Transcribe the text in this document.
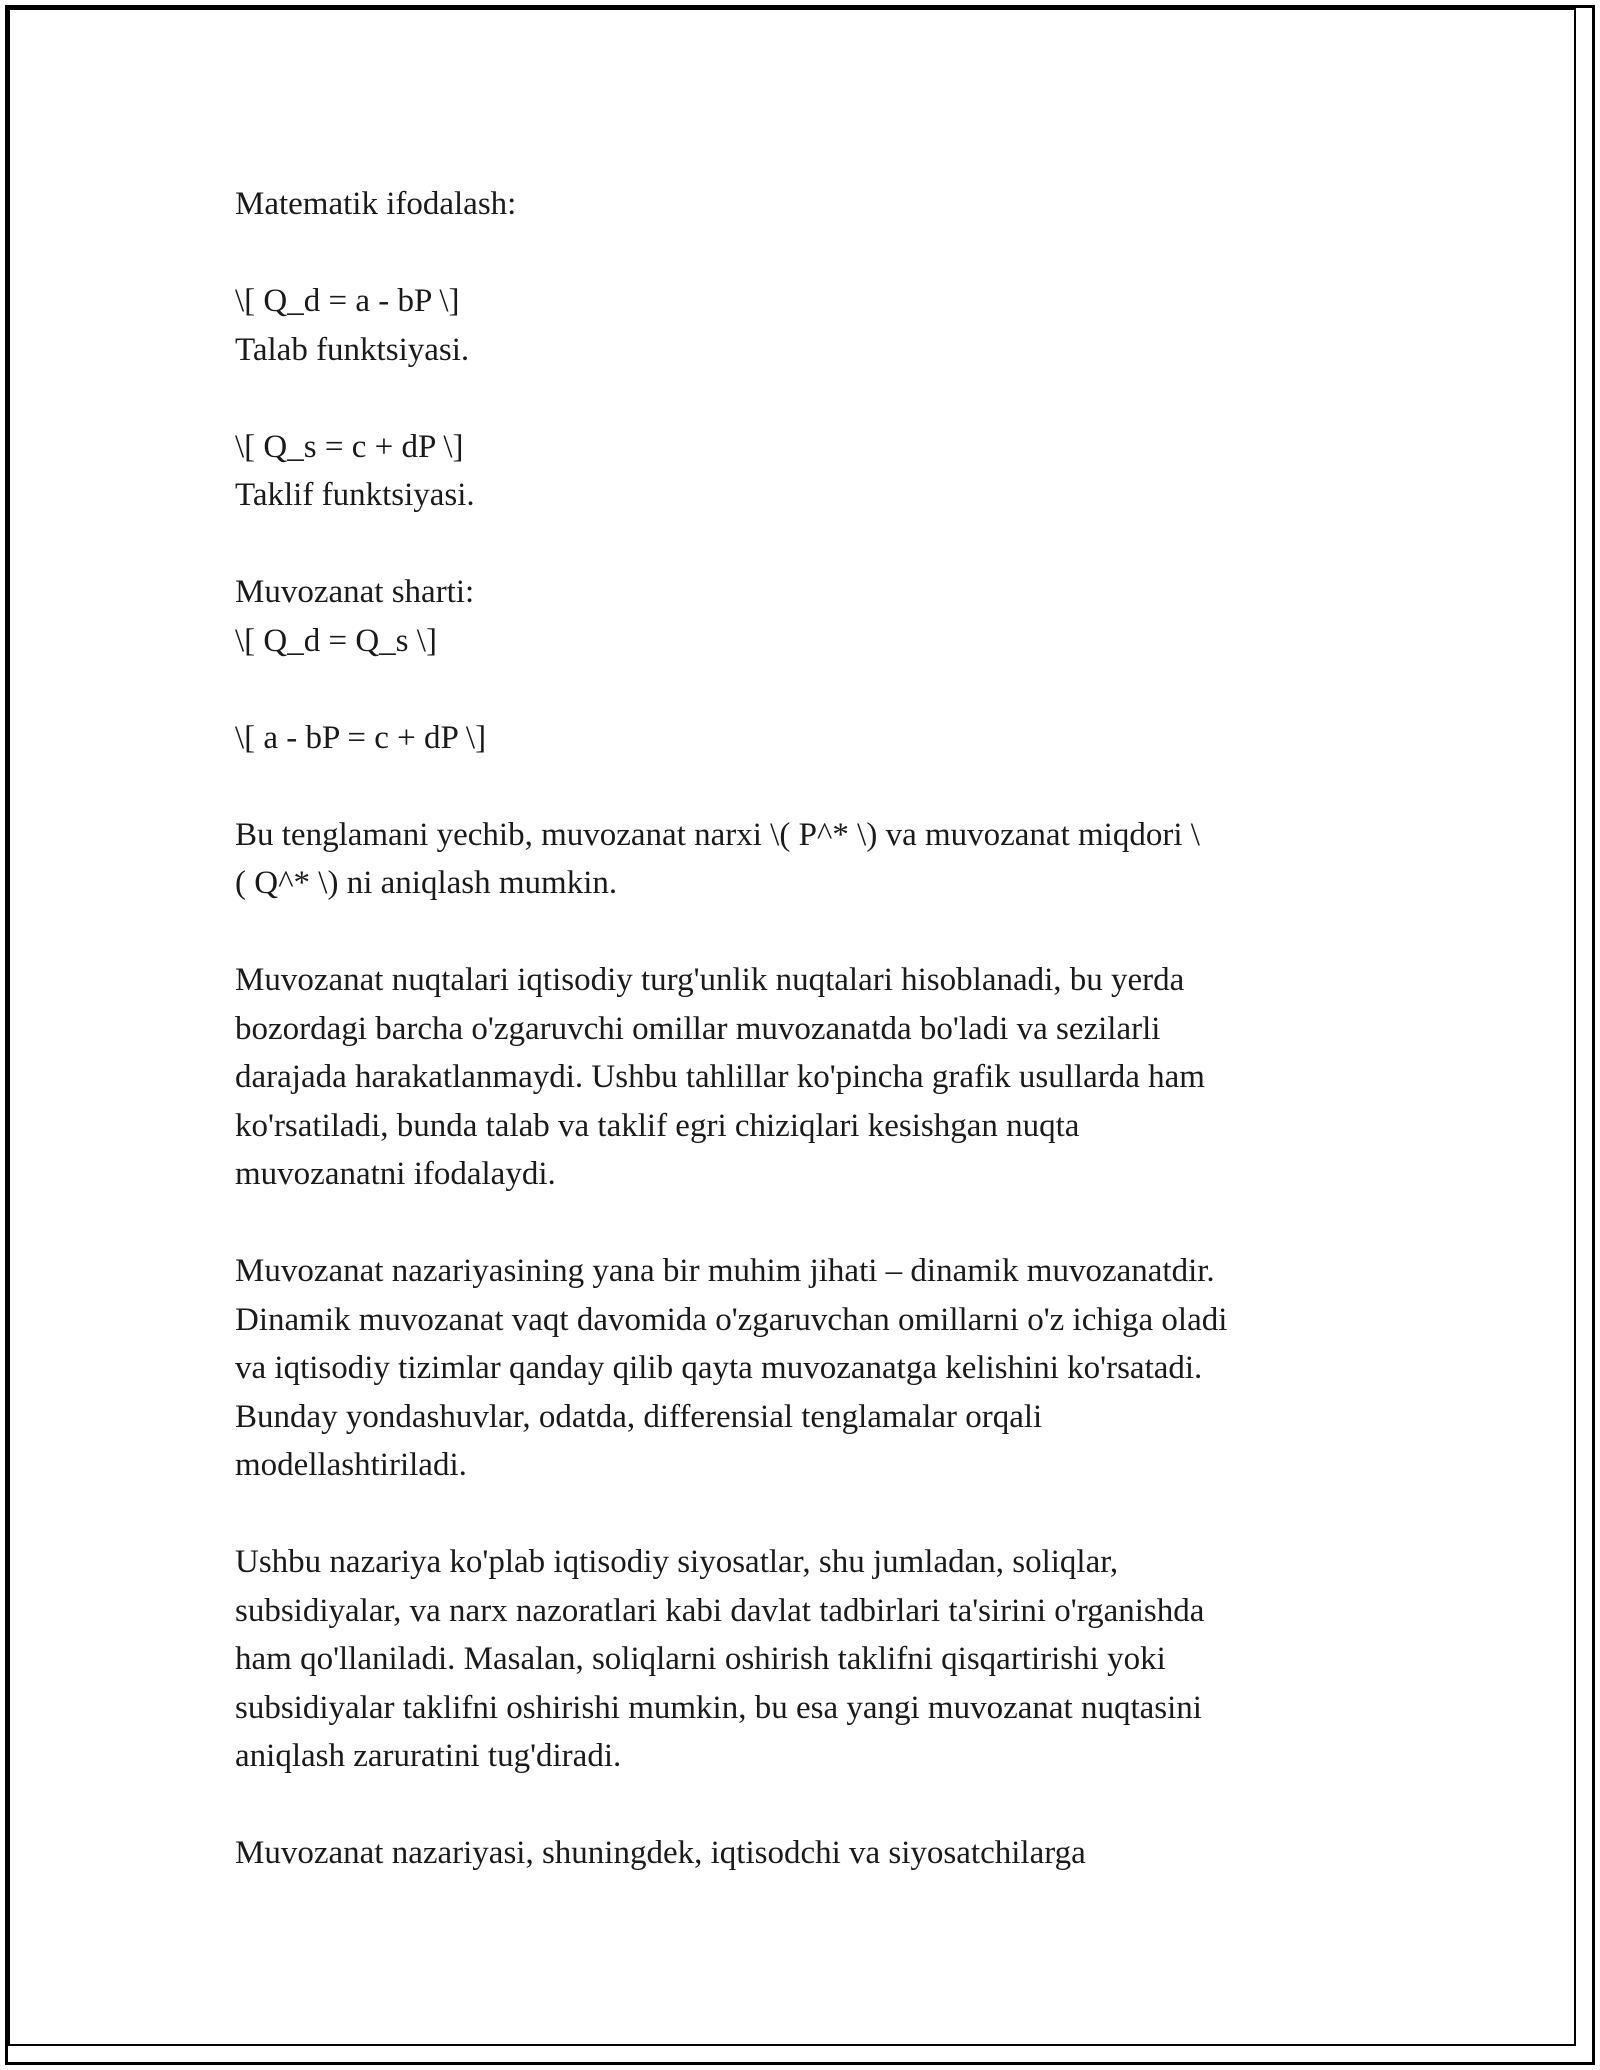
Matematik ifodalash:
\[ Q_d = a - bP \]
Talab funktsiyasi.
\[ Q_s = c + dP \]
Taklif funktsiyasi.
Muvozanat sharti:
\[ Q_d = Q_s \]
\[ a - bP = c + dP \]
Bu tenglamani yechib, muvozanat narxi \( P^* \) va muvozanat miqdori \
( Q^* \) ni aniqlash mumkin.
Muvozanat nuqtalari iqtisodiy turg'unlik nuqtalari hisoblanadi, bu yerda
bozordagi barcha o'zgaruvchi omillar muvozanatda bo'ladi va sezilarli
darajada harakatlanmaydi. Ushbu tahlillar ko'pincha grafik usullarda ham
ko'rsatiladi, bunda talab va taklif egri chiziqlari kesishgan nuqta
muvozanatni ifodalaydi.
Muvozanat nazariyasining yana bir muhim jihati – dinamik muvozanatdir.
Dinamik muvozanat vaqt davomida o'zgaruvchan omillarni o'z ichiga oladi
va iqtisodiy tizimlar qanday qilib qayta muvozanatga kelishini ko'rsatadi.
Bunday yondashuvlar, odatda, differensial tenglamalar orqali
modellashtiriladi.
Ushbu nazariya ko'plab iqtisodiy siyosatlar, shu jumladan, soliqlar,
subsidiyalar, va narx nazoratlari kabi davlat tadbirlari ta'sirini o'rganishda
ham qo'llaniladi. Masalan, soliqlarni oshirish taklifni qisqartirishi yoki
subsidiyalar taklifni oshirishi mumkin, bu esa yangi muvozanat nuqtasini
aniqlash zaruratini tug'diradi.
Muvozanat nazariyasi, shuningdek, iqtisodchi va siyosatchilarga
